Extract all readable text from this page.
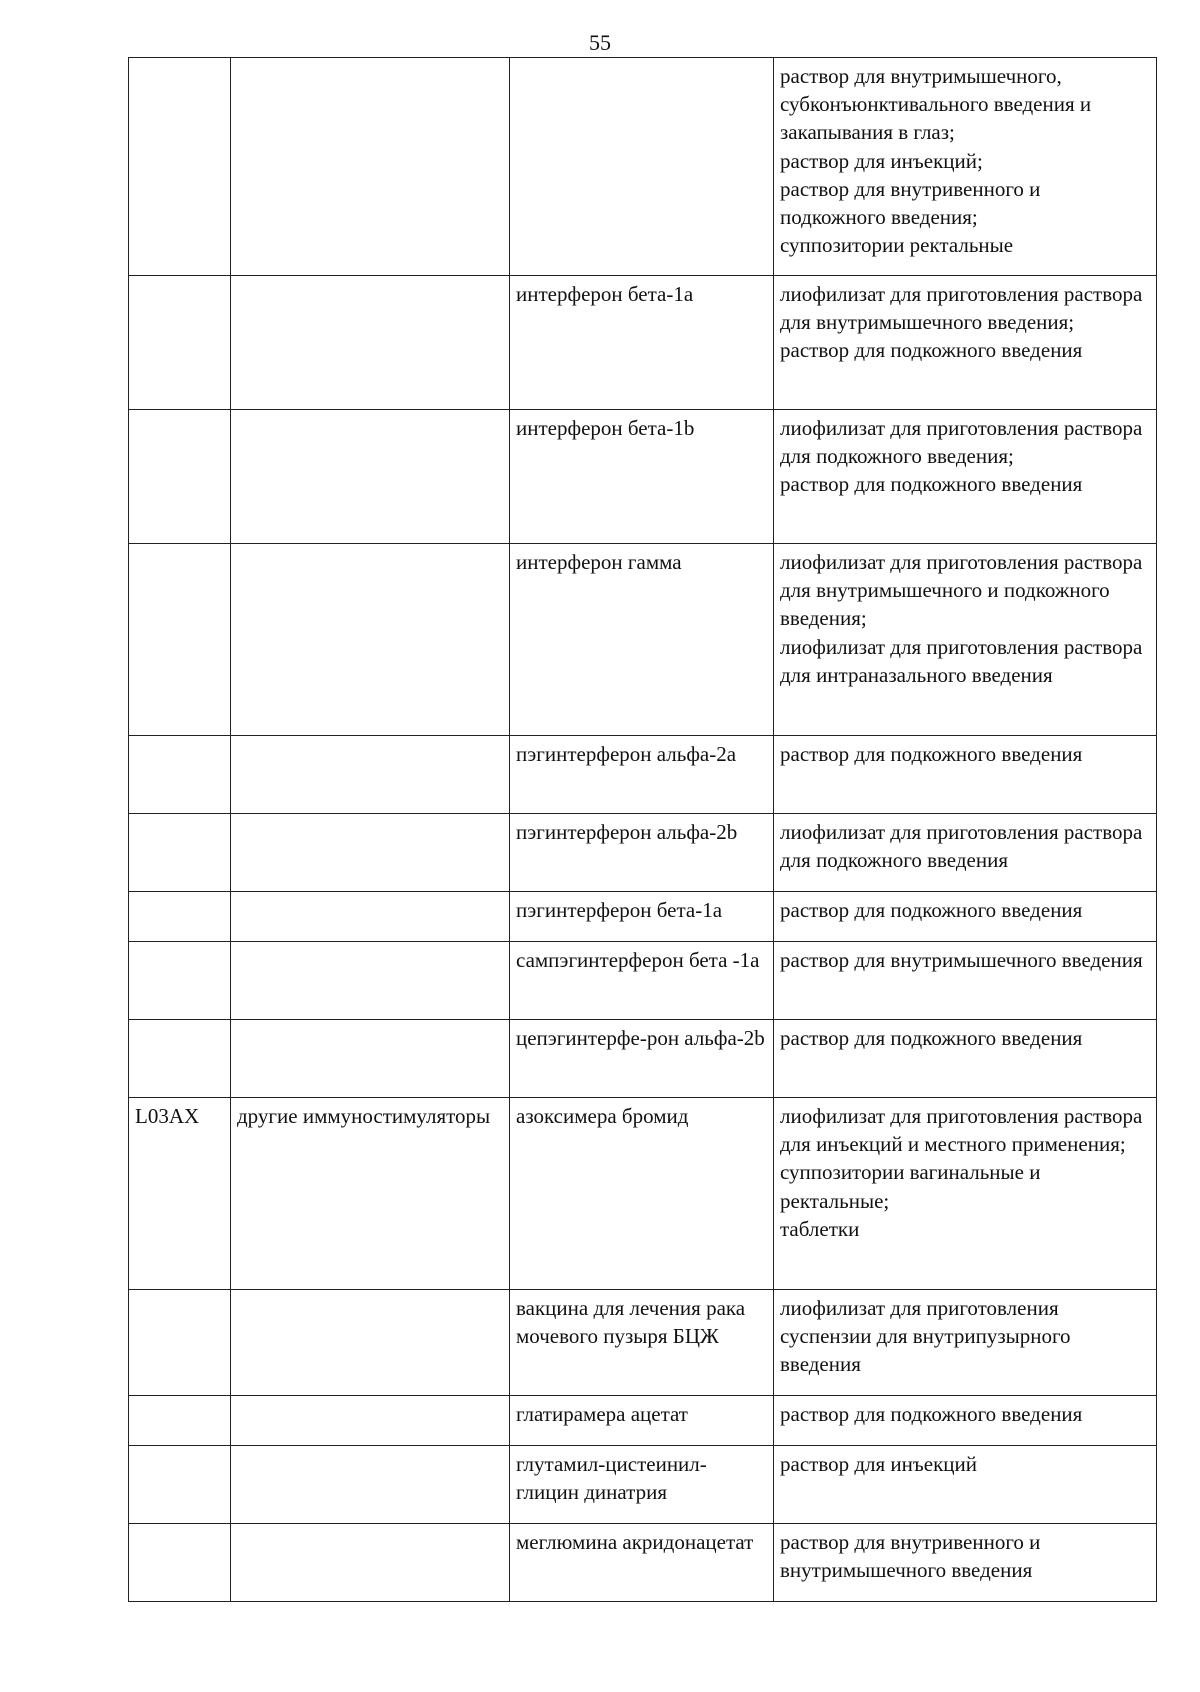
55
			раствор для внутримышечного, субконъюнктивального введения и закапывания в глаз;
раствор для инъекций;
раствор для внутривенного и подкожного введения;
суппозитории ректальные
		интерферон бета-1a	лиофилизат для приготовления раствора для внутримышечного введения;
раствор для подкожного введения
		интерферон бета-1b	лиофилизат для приготовления раствора для подкожного введения;
раствор для подкожного введения
		интерферон гамма	лиофилизат для приготовления раствора для внутримышечного и подкожного введения;
лиофилизат для приготовления раствора для интраназального введения
		пэгинтерферон альфа-2a	раствор для подкожного введения
		пэгинтерферон альфа-2b	лиофилизат для приготовления раствора для подкожного введения
		пэгинтерферон бета-1a	раствор для подкожного введения
		сампэгинтерферон бета -1a	раствор для внутримышечного введения
		цепэгинтерфе-рон альфа-2b	раствор для подкожного введения
L03AX	другие иммуностимуляторы	азоксимера бромид	лиофилизат для приготовления раствора для инъекций и местного применения;
суппозитории вагинальные и ректальные;
таблетки
		вакцина для лечения рака мочевого пузыря БЦЖ	лиофилизат для приготовления суспензии для внутрипузырного введения
		глатирамера ацетат	раствор для подкожного введения
		глутамил-цистеинил-глицин динатрия	раствор для инъекций
		меглюмина акридонацетат	раствор для внутривенного и внутримышечного введения
